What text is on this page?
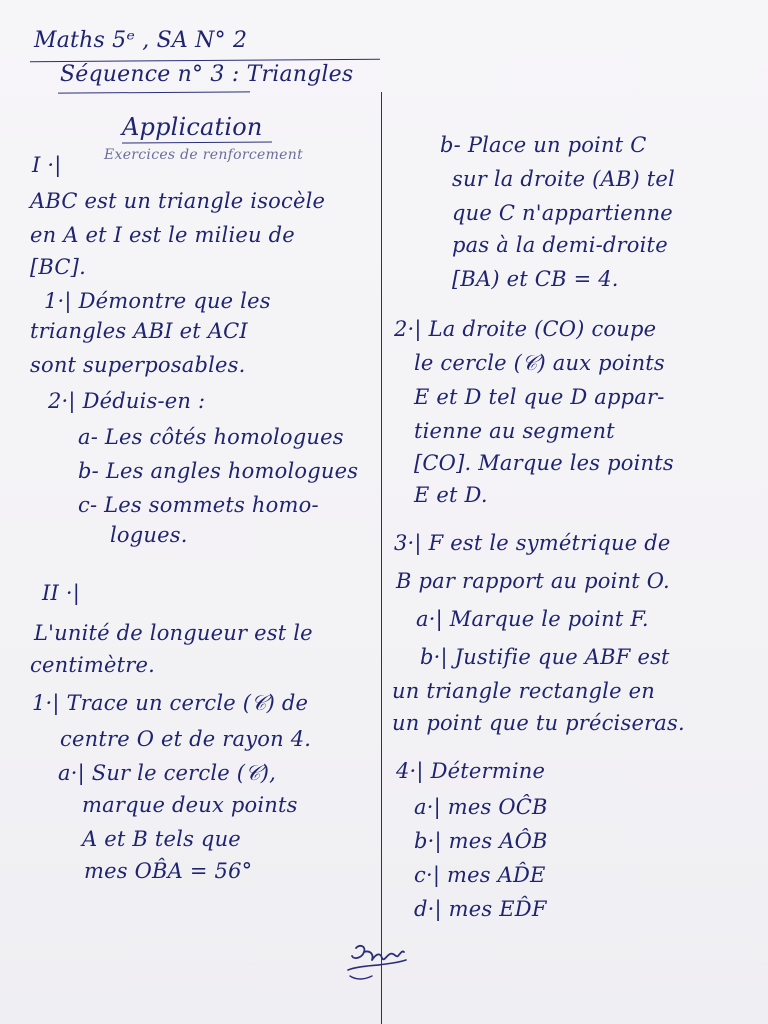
Maths 5ᵉ , SA N° 2
Séquence n° 3 : Triangles
Application
Exercices de renforcement
I ·|
ABC est un triangle isocèle
en A et I est le milieu de
[BC].
1·| Démontre que les
triangles ABI et ACI
sont superposables.
2·| Déduis-en :
a- Les côtés homologues
b- Les angles homologues
c- Les sommets homo-
logues.
II ·|
L'unité de longueur est le
centimètre.
1·| Trace un cercle (𝒞) de
centre O et de rayon 4.
a·| Sur le cercle (𝒞),
marque deux points
A et B tels que
mes OB̂A = 56°
b- Place un point C
sur la droite (AB) tel
que C n'appartienne
pas à la demi-droite
[BA) et CB = 4.
2·| La droite (CO) coupe
le cercle (𝒞) aux points
E et D tel que D appar-
tienne au segment
[CO]. Marque les points
E et D.
3·| F est le symétrique de
B par rapport au point O.
a·| Marque le point F.
b·| Justifie que ABF est
un triangle rectangle en
un point que tu préciseras.
4·| Détermine
a·| mes OĈB
b·| mes AÔB
c·| mes AD̂E
d·| mes ED̂F
